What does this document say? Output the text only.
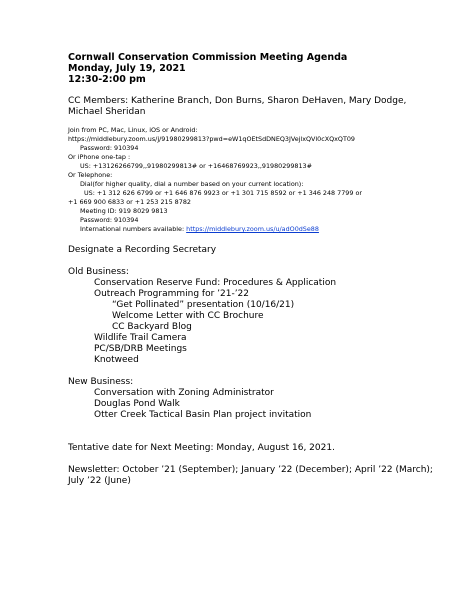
Cornwall Conservation Commission Meeting Agenda
Monday, July 19, 2021
12:30-2:00 pm
CC Members: Katherine Branch, Don Burns, Sharon DeHaven, Mary Dodge,
Michael Sheridan
Join from PC, Mac, Linux, iOS or Android:
https://middlebury.zoom.us/j/91980299813?pwd=eW1qOEtSdDNEQ3JVejlxQVl0cXQxQT09
Password: 910394
Or iPhone one-tap :
US: +13126266799,,91980299813# or +16468769923,,91980299813#
Or Telephone:
Dial(for higher quality, dial a number based on your current location):
US: +1 312 626 6799 or +1 646 876 9923 or +1 301 715 8592 or +1 346 248 7799 or
+1 669 900 6833 or +1 253 215 8782
Meeting ID: 919 8029 9813
Password: 910394
International numbers available: https://middlebury.zoom.us/u/adO0dSe88
Designate a Recording Secretary
Old Business:
Conservation Reserve Fund: Procedures & Application
Outreach Programming for ’21-’22
“Get Pollinated” presentation (10/16/21)
Welcome Letter with CC Brochure
CC Backyard Blog
Wildlife Trail Camera
PC/SB/DRB Meetings
Knotweed
New Business:
Conversation with Zoning Administrator
Douglas Pond Walk
Otter Creek Tactical Basin Plan project invitation
Tentative date for Next Meeting: Monday, August 16, 2021.
Newsletter: October ’21 (September); January ’22 (December); April ’22 (March);
July ’22 (June)
